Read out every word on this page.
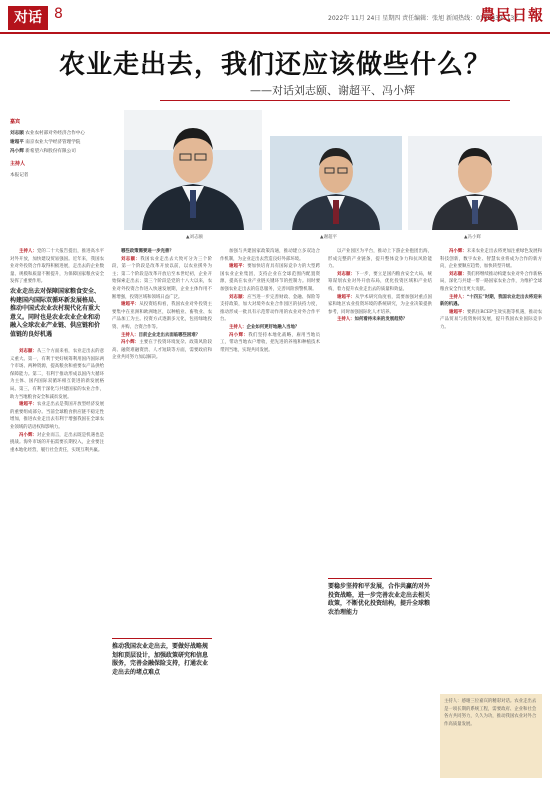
对话 8	2022年 11月 24日 星期四 责任编辑：张旭 新闻热线：01084391137
農民日報
农业走出去，我们还应该做些什么？
——对话刘志颐、谢超平、冯小辉
嘉宾
刘志颐 农业农村部对外经济合作中心
谢超平 南京农业大学经济管理学院
冯小辉 新希望六和股份有限公司
主持人
本报记者
▲刘志颐	▲谢超平	▲冯小辉

主持人：党的二十大报告提出，推进高水平对外开放，加快建设贸易强国。近年来，我国农业对外投资合作取得积极进展，走出去的企业数量、规模和质量不断提升，为保障国家粮食安全发挥了重要作用。

刘志颐：从三个方面来看，农业走出去的意义重大。第一，有利于更好统筹利用国内国际两个市场、两种资源，提高粮食和重要农产品供给保障能力。第二，有利于推动形成以国内大循环为主体、国内国际双循环相互促进的新发展格局。第三，有利于深化与共建国家的农业合作，助力当地粮食安全和减贫发展。

谢超平：农业走出去是我国开放型经济发展的重要组成部分。当前全球粮食供应链不稳定性增加，推进农业走出去有利于增强我国在全球农业领域的话语权和影响力。

冯小辉：对企业而言，走出去既是机遇也是挑战。海外市场的开拓需要长期投入，企业要注重本地化经营，履行社会责任，实现互利共赢。

农业走出去对保障国家粮食安全、构建国内国际双循环新发展格局、推动中国式农业农村现代化有重大意义。同时也是农业农业企业和动融入全球农业产业链、供应链和价值链的良好机遇

哪些政策需要进一步完善？

刘志颐：我国农业走出去大致可分为三个阶段，第一个阶段是改革开放以前，以农业援外为主；第二个阶段是改革开放后至本世纪初，企业开始探索走出去；第三个阶段是党的十八大以来，农业对外投资合作进入快速发展期，企业主体作用不断增强，投资区域和领域日益广泛。

谢超平：从投资结构看，我国农业对外投资主要集中在亚洲和欧洲地区，以种植业、畜牧业、农产品加工为主。投资方式逐渐多元化，包括绿地投资、并购、合资合作等。

主持人：目前企业走出去面临哪些困难？

冯小辉：主要在于投资环境复杂、政策风险较高、融资难融资贵、人才短缺等方面，需要政府和企业共同努力加以解决。

推动我国农业走出去，要做好战略规划和顶层设计，加强政策研究和信息服务，完善金融保险支持，打通农业走出去的堵点难点

加强与共建国家政策沟通，推动建立多双边合作机制，为企业走出去营造良好外部环境。

谢超平：要加快培育具有国际竞争力的大型跨国农业企业集团，支持企业在全球范围内配置资源，提高在农业产业链关键环节的控制力。同时要加强农业走出去的信息服务，完善风险预警机制。

刘志颐：应当进一步完善财政、金融、保险等支持政策，加大对境外农业合作园区的扶持力度，推动形成一批具有示范带动作用的农业对外合作平台。

主持人：企业如何更好地融入当地？

冯小辉：我们坚持本地化战略，雇用当地员工，带动当地农户增收，把先进的养殖和种植技术带到当地，实现共同发展。

以产业园区为平台，推动上下游企业抱团出海，形成完整的产业链条，提升整体竞争力和抗风险能力。

刘志颐：下一步，要立足国内粮食安全大局，统筹谋划农业对外开放布局，优化投资区域和产业结构，着力提升农业走出去的质量和效益。

谢超平：从学术研究角度看，需要加强对重点国家和地区农业投资环境的系统研究，为企业决策提供参考，同时加强国际化人才培养。

主持人：如何看待未来的发展趋势？

要稳步坚持和平发展，合作共赢的对外投资战略，进一步完善农业走出去相关政策，不断优化投资结构，提升全球粮农治理能力

冯小辉：未来农业走出去将更加注重绿色发展和科技创新，数字农业、智慧农业将成为合作的新方向，企业要顺应趋势，加快转型升级。

刘志颐：我们将继续推动构建农业对外合作新格局，深化与共建一带一路国家农业合作，为维护全球粮食安全作出更大贡献。

主持人：“十四五”时期，我国农业走出去将迎来新的机遇。

谢超平：要抓住RCEP生效实施等机遇，推动农产品贸易与投资协同发展，提升我国农业国际竞争力。

主持人：感谢三位嘉宾的精彩对话。农业走出去是一项长期的系统工程，需要政府、企业和社会各方共同努力，久久为功，推动我国农业对外合作高质量发展。
